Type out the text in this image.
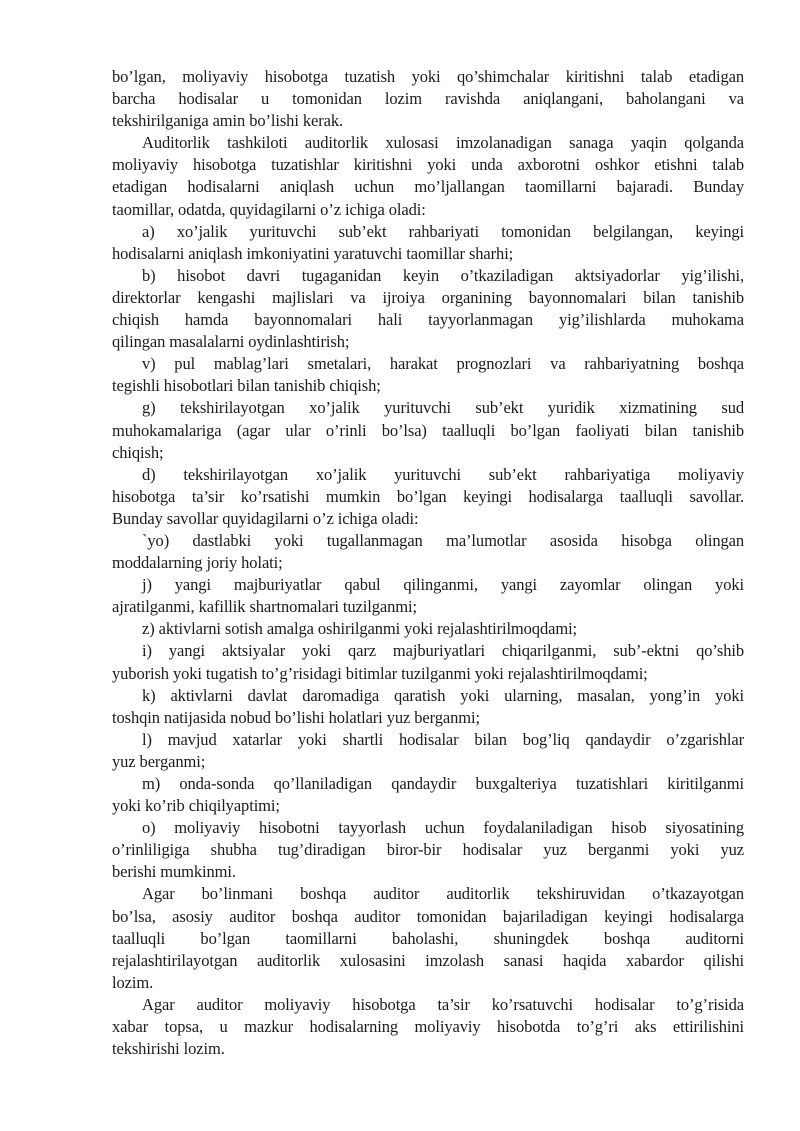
bo’lgan, moliyaviy hisobotga tuzatish yoki qo’shimchalar kiritishni talab etadigan
barcha hodisalar u tomonidan lozim ravishda aniqlangani, baholangani va
tekshirilganiga amin bo’lishi kerak.
Auditorlik tashkiloti auditorlik xulosasi imzolanadigan sanaga yaqin qolganda
moliyaviy hisobotga tuzatishlar kiritishni yoki unda axborotni oshkor etishni talab
etadigan hodisalarni aniqlash uchun mo’ljallangan taomillarni bajaradi. Bunday
taomillar, odatda, quyidagilarni o’z ichiga oladi:
a) xo’jalik yurituvchi sub’ekt rahbariyati tomonidan belgilangan, keyingi
hodisalarni aniqlash imkoniyatini yaratuvchi taomillar sharhi;
b) hisobot davri tugaganidan keyin o’tkaziladigan aktsiyadorlar yig’ilishi,
direktorlar kengashi majlislari va ijroiya organining bayonnomalari bilan tanishib
chiqish hamda bayonnomalari hali tayyorlanmagan yig’ilishlarda muhokama
qilingan masalalarni oydinlashtirish;
v) pul mablag’lari smetalari, harakat prognozlari va rahbariyatning boshqa
tegishli hisobotlari bilan tanishib chiqish;
g) tekshirilayotgan xo’jalik yurituvchi sub’ekt yuridik xizmatining sud
muhokamalariga (agar ular o’rinli bo’lsa) taalluqli bo’lgan faoliyati bilan tanishib
chiqish;
d) tekshirilayotgan xo’jalik yurituvchi sub’ekt rahbariyatiga moliyaviy
hisobotga ta’sir ko’rsatishi mumkin bo’lgan keyingi hodisalarga taalluqli savollar.
Bunday savollar quyidagilarni o’z ichiga oladi:
`yo) dastlabki yoki tugallanmagan ma’lumotlar asosida hisobga olingan
moddalarning joriy holati;
j) yangi majburiyatlar qabul qilinganmi, yangi zayomlar olingan yoki
ajratilganmi, kafillik shartnomalari tuzilganmi;
z) aktivlarni sotish amalga oshirilganmi yoki rejalashtirilmoqdami;
i) yangi aktsiyalar yoki qarz majburiyatlari chiqarilganmi, sub’-ektni qo’shib
yuborish yoki tugatish to’g’risidagi bitimlar tuzilganmi yoki rejalashtirilmoqdami;
k) aktivlarni davlat daromadiga qaratish yoki ularning, masalan, yong’in yoki
toshqin natijasida nobud bo’lishi holatlari yuz berganmi;
l) mavjud xatarlar yoki shartli hodisalar bilan bog’liq qandaydir o’zgarishlar
yuz berganmi;
m) onda-sonda qo’llaniladigan qandaydir buxgalteriya tuzatishlari kiritilganmi
yoki ko’rib chiqilyaptimi;
o) moliyaviy hisobotni tayyorlash uchun foydalaniladigan hisob siyosatining
o’rinliligiga shubha tug’diradigan biror-bir hodisalar yuz berganmi yoki yuz
berishi mumkinmi.
Agar bo’linmani boshqa auditor auditorlik tekshiruvidan o’tkazayotgan
bo’lsa, asosiy auditor boshqa auditor tomonidan bajariladigan keyingi hodisalarga
taalluqli bo’lgan taomillarni baholashi, shuningdek boshqa auditorni
rejalashtirilayotgan auditorlik xulosasini imzolash sanasi haqida xabardor qilishi
lozim.
Agar auditor moliyaviy hisobotga ta’sir ko’rsatuvchi hodisalar to’g’risida
xabar topsa, u mazkur hodisalarning moliyaviy hisobotda to’g’ri aks ettirilishini
tekshirishi lozim.
